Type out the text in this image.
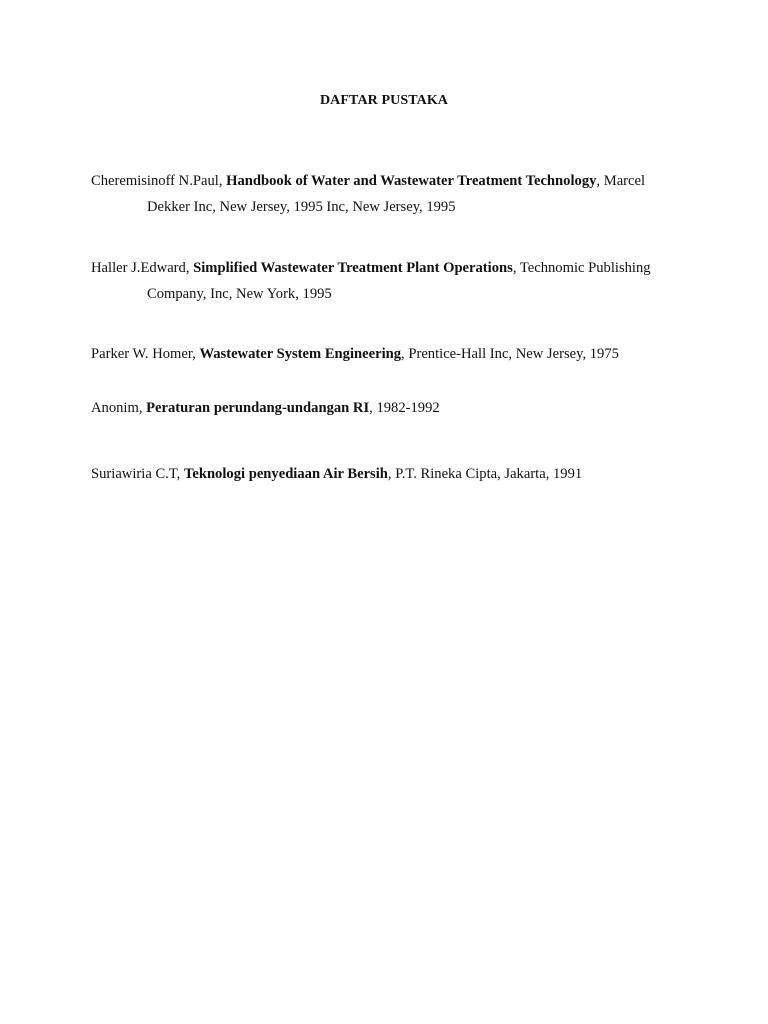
DAFTAR PUSTAKA
Cheremisinoff N.Paul, Handbook of Water and Wastewater Treatment Technology, Marcel
Dekker Inc, New Jersey, 1995 Inc, New Jersey, 1995
Haller J.Edward, Simplified Wastewater Treatment Plant Operations, Technomic Publishing
Company, Inc, New York, 1995
Parker W. Homer, Wastewater System Engineering, Prentice-Hall Inc, New Jersey, 1975
Anonim, Peraturan perundang-undangan RI, 1982-1992
Suriawiria C.T, Teknologi penyediaan Air Bersih, P.T. Rineka Cipta, Jakarta, 1991
